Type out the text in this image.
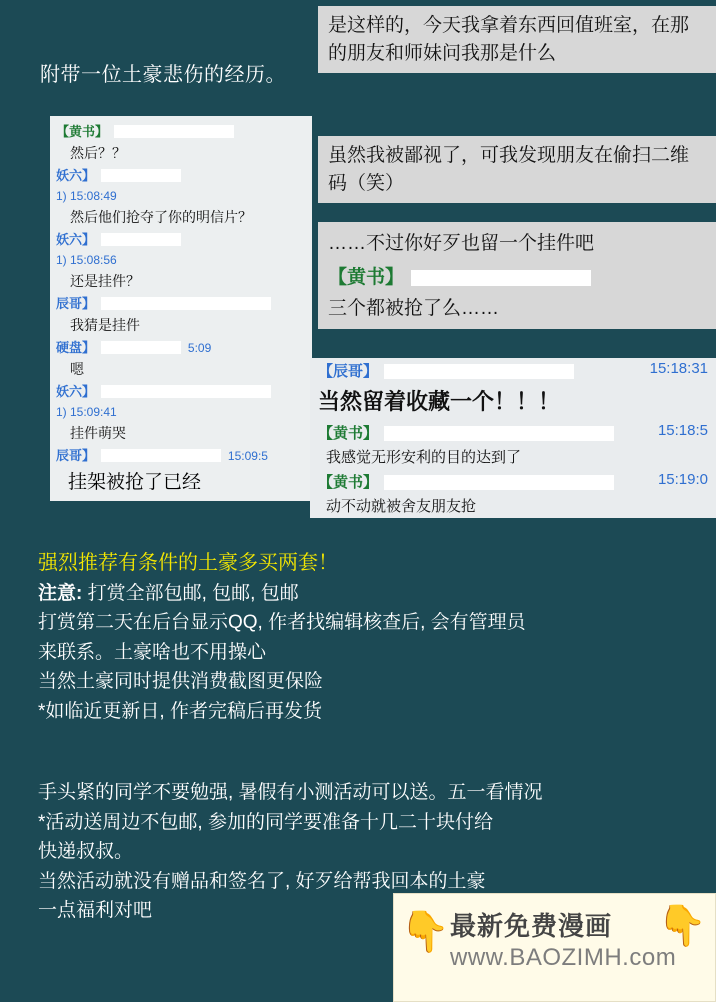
附带一位土豪悲伤的经历。
【黄书】
然后？？
妖六】
1) 15:08:49
然后他们抢夺了你的明信片？
妖六】
1) 15:08:56
还是挂件？
辰哥】
我猜是挂件
硬盘】	5:09
嗯
妖六】
1) 15:09:41
挂件萌哭
辰哥】	15:09:5
挂架被抢了已经
是这样的，今天我拿着东西回值班室，在那的朋友和师妹问我那是什么
虽然我被鄙视了，可我发现朋友在偷扫二维码（笑）
……不过你好歹也留一个挂件吧
【黄书】
三个都被抢了么……
【辰哥】	15:18:31
当然留着收藏一个！！！
【黄书】	15:18:5
我感觉无形安利的目的达到了
【黄书】	15:19:0
动不动就被舍友朋友抢

强烈推荐有条件的土豪多买两套！

注意: 打赏全部包邮, 包邮, 包邮

打赏第二天在后台显示QQ, 作者找编辑核查后, 会有管理员

来联系。土豪啥也不用操心

当然土豪同时提供消费截图更保险

*如临近更新日, 作者完稿后再发货

手头紧的同学不要勉强, 暑假有小测活动可以送。五一看情况

*活动送周边不包邮, 参加的同学要准备十几二十块付给

快递叔叔。

当然活动就没有赠品和签名了, 好歹给帮我回本的土豪

一点福利对吧	👇	👇
最新免费漫画
www.BAOZIMH.com
